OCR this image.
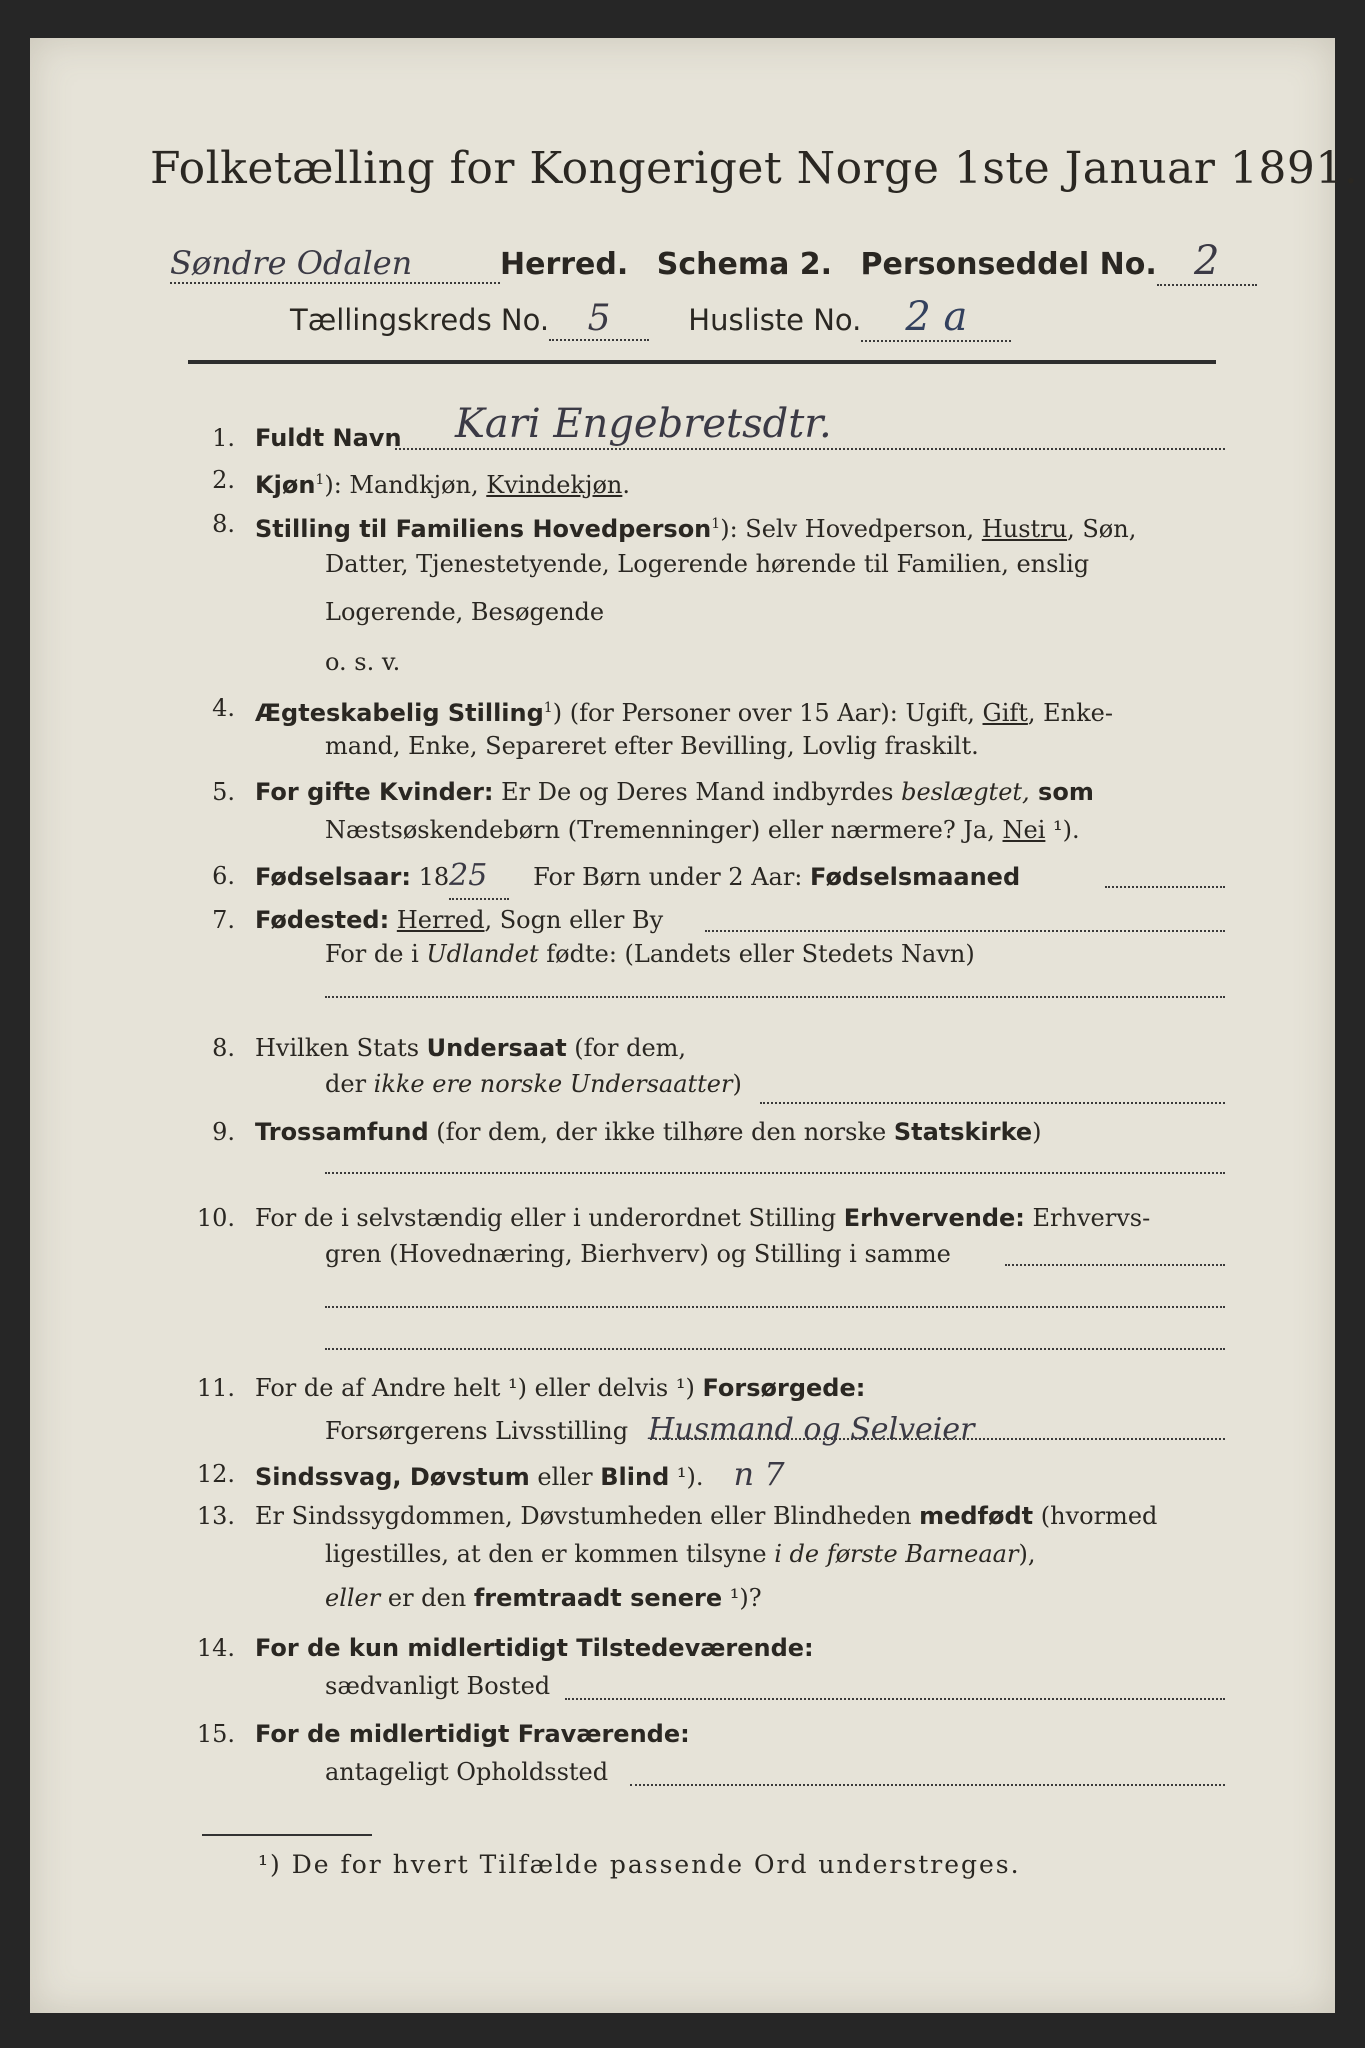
Folketælling for Kongeriget Norge 1ste Januar 1891.
Søndre Odalen	Herred. Schema 2. Personseddel No. 2
Tællingskreds No. 5	Husliste No. 2 a
1. Fuldt Navn Kari Engebretsdtr.
2. Kjøn$^1$): Mandkjøn, Kvindekjøn.
8. Stilling til Familiens Hovedperson$^1$): Selv Hovedperson, Hustru, Søn,
Datter, Tjenestetyende, Logerende hørende til Familien, enslig
Logerende, Besøgende
o. s. v.
4. Ægteskabelig Stilling$^1$) (for Personer over 15 Aar): Ugift, Gift, Enke-
mand, Enke, Separeret efter Bevilling, Lovlig fraskilt.
5. For gifte Kvinder: Er De og Deres Mand indbyrdes beslægtet, som
Næstsøskendebørn (Tremenninger) eller nærmere? Ja, Nei ¹).
6. Fødselsaar: 1825 For Børn under 2 Aar: Fødselsmaaned
7. Fødested: Herred, Sogn eller By
For de i Udlandet fødte: (Landets eller Stedets Navn)
8. Hvilken Stats Undersaat (for dem,
der ikke ere norske Undersaatter)
9. Trossamfund (for dem, der ikke tilhøre den norske Statskirke)
10. For de i selvstændig eller i underordnet Stilling Erhvervende: Erhvervs-
gren (Hovednæring, Bierhverv) og Stilling i samme
11. For de af Andre helt ¹) eller delvis ¹) Forsørgede:
Forsørgerens Livsstilling Husmand og Selveier
12. Sindssvag, Døvstum eller Blind ¹). n 7
13. Er Sindssygdommen, Døvstumheden eller Blindheden medfødt (hvormed
ligestilles, at den er kommen tilsyne i de første Barneaar),
eller er den fremtraadt senere ¹)?
14. For de kun midlertidigt Tilstedeværende:
sædvanligt Bosted
15. For de midlertidigt Fraværende:
antageligt Opholdssted
¹) De for hvert Tilfælde passende Ord understreges.
